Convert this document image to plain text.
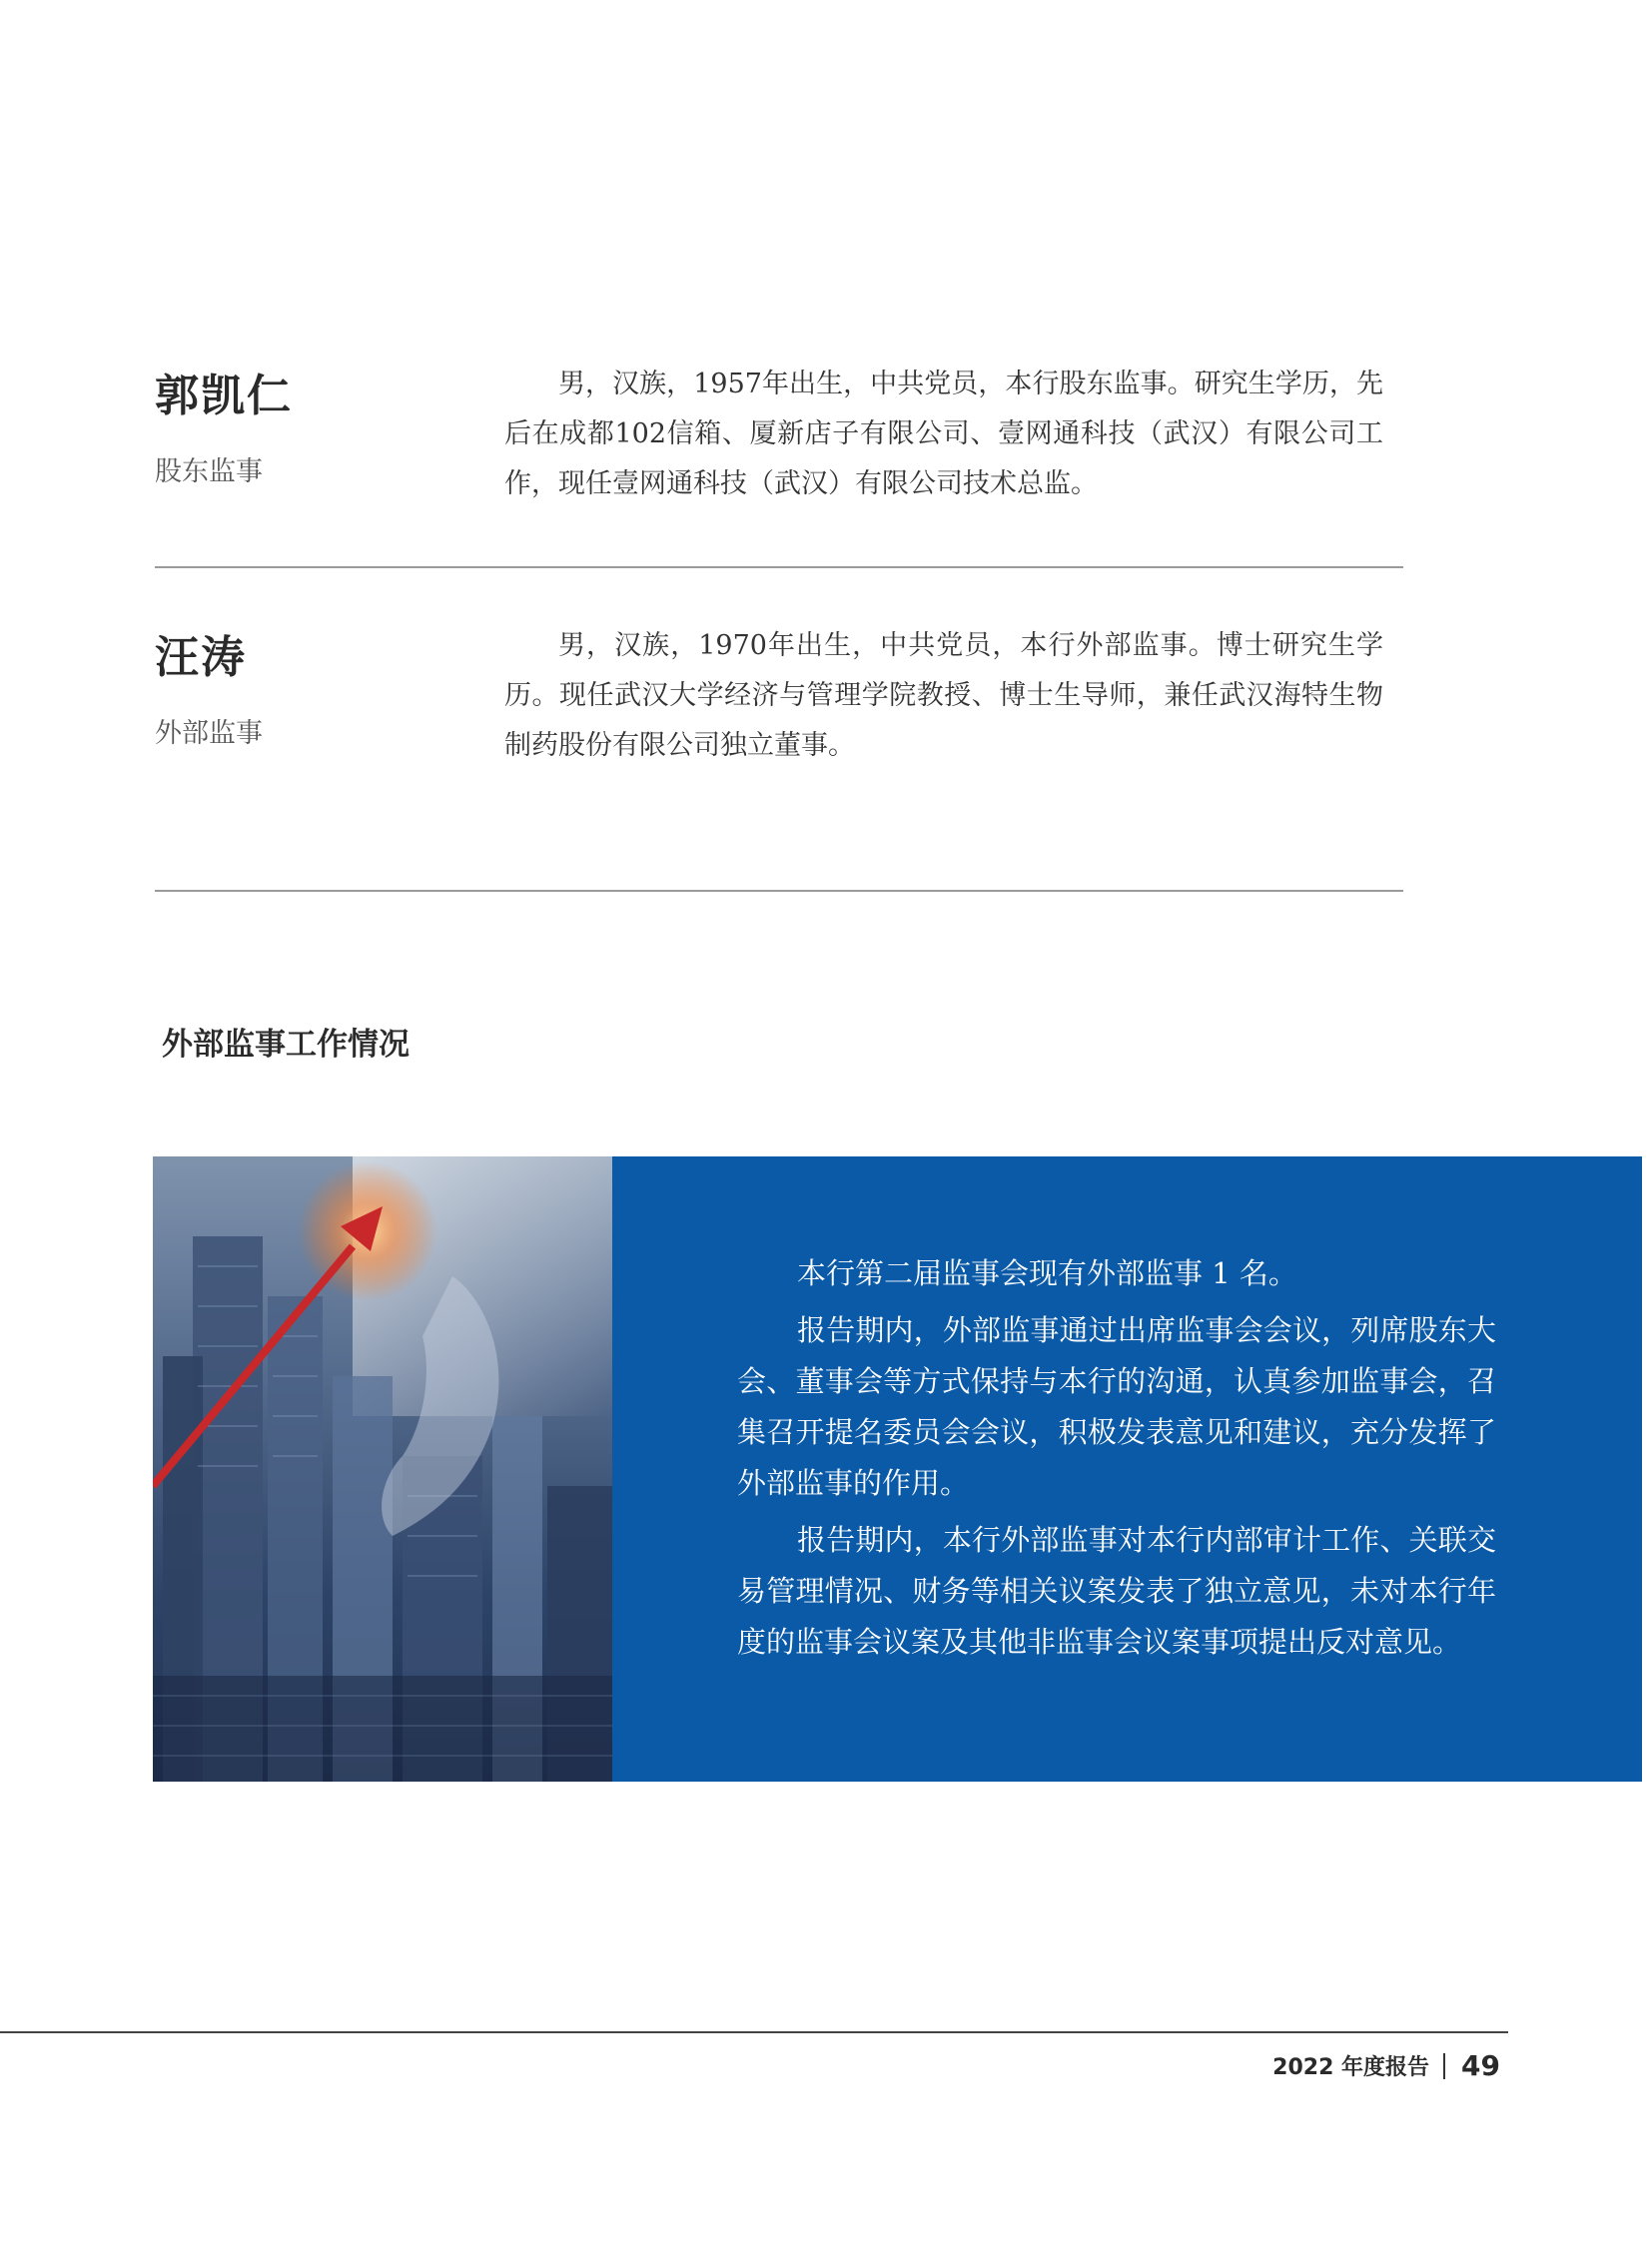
郭凯仁
股东监事

男，汉族，1957年出生，中共党员，本行股东监事。研究生学历，先后在成都102信箱、厦新店子有限公司、壹网通科技（武汉）有限公司工作，现任壹网通科技（武汉）有限公司技术总监。

汪涛
外部监事

男，汉族，1970年出生，中共党员，本行外部监事。博士研究生学历。现任武汉大学经济与管理学院教授、博士生导师，兼任武汉海特生物制药股份有限公司独立董事。

外部监事工作情况

本行第二届监事会现有外部监事 1 名。

报告期内，外部监事通过出席监事会会议，列席股东大会、董事会等方式保持与本行的沟通，认真参加监事会，召集召开提名委员会会议，积极发表意见和建议，充分发挥了外部监事的作用。

报告期内，本行外部监事对本行内部审计工作、关联交易管理情况、财务等相关议案发表了独立意见，未对本行年度的监事会议案及其他非监事会议案事项提出反对意见。

2022 年度报告 49
